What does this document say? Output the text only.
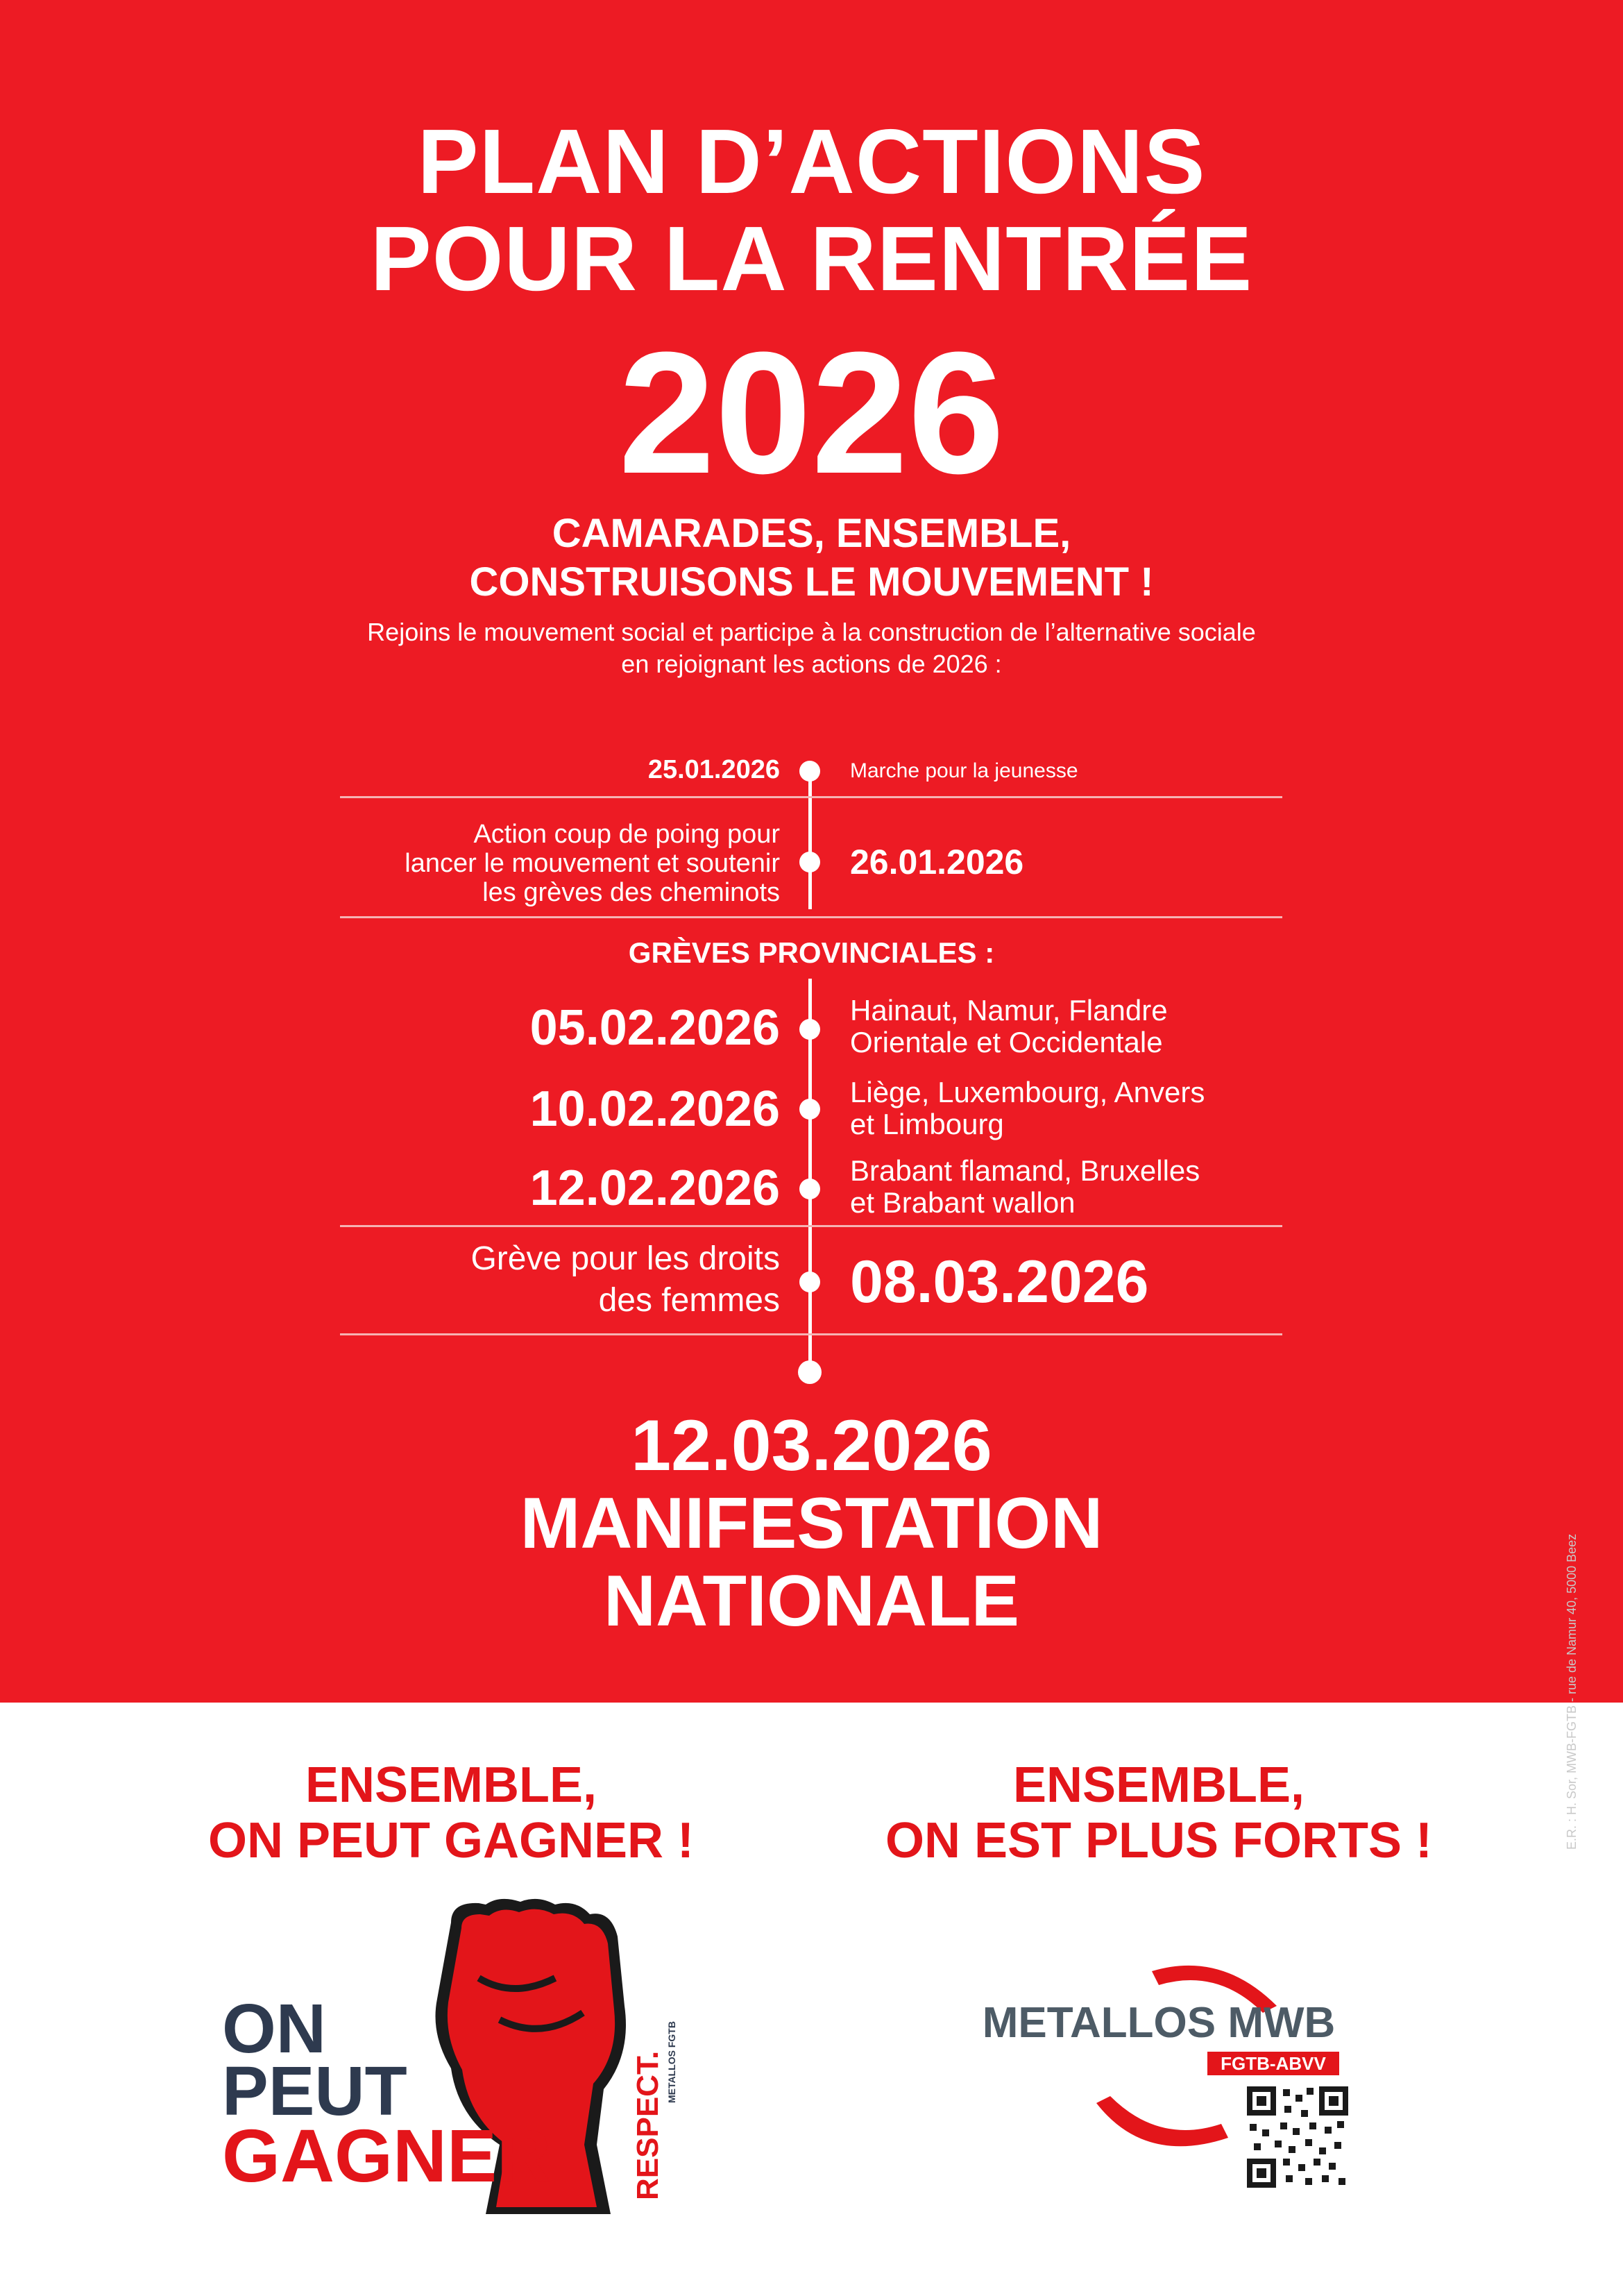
PLAN D’ACTIONS
POUR LA RENTRÉE
2026
CAMARADES, ENSEMBLE,
CONSTRUISONS LE MOUVEMENT !
Rejoins le mouvement social et participe à la construction de l’alternative sociale
en rejoignant les actions de 2026 :
25.01.2026	Marche pour la jeunesse
Action coup de poing pour
lancer le mouvement et soutenir
les grèves des cheminots
26.01.2026
GRÈVES PROVINCIALES :
05.02.2026 Hainaut, Namur, Flandre
Orientale et Occidentale
10.02.2026 Liège, Luxembourg, Anvers
et Limbourg
12.02.2026 Brabant flamand, Bruxelles
et Brabant wallon
Grève pour les droits
des femmes 08.03.2026
12.03.2026
MANIFESTATION
NATIONALE
ENSEMBLE,
ON PEUT GAGNER !
ENSEMBLE,
ON EST PLUS FORTS !
ON
PEUT
GAGNER	RESPECT. METALLOS FGTB	METALLOS MWB
FGTB-ABVV
E.R. : H. Sor, MWB-FGTB - rue de Namur 40, 5000 Beez
